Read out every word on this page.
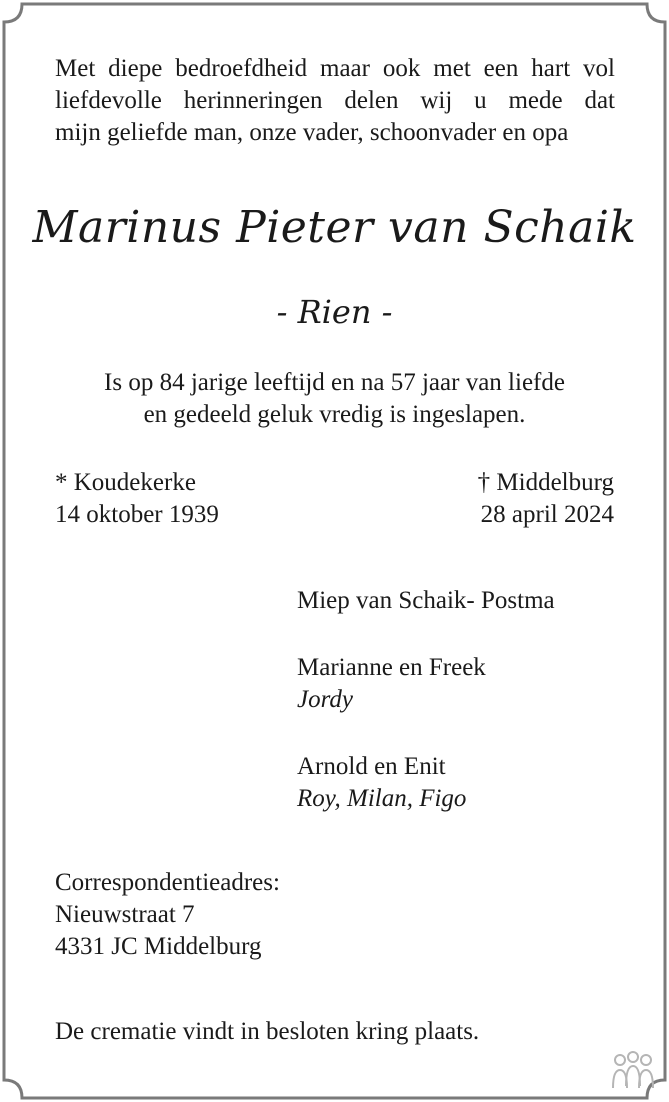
Met diepe bedroefdheid maar ook met een hart vol
liefdevolle herinneringen delen wij u mede dat
mijn geliefde man, onze vader, schoonvader en opa
Marinus Pieter van Schaik
- Rien -
Is op 84 jarige leeftijd en na 57 jaar van liefde
en gedeeld geluk vredig is ingeslapen.
* Koudekerke
14 oktober 1939
† Middelburg
28 april 2024
Miep van Schaik- Postma
Marianne en Freek
Jordy
Arnold en Enit
Roy, Milan, Figo
Correspondentieadres:
Nieuwstraat 7
4331 JC Middelburg
De crematie vindt in besloten kring plaats.
